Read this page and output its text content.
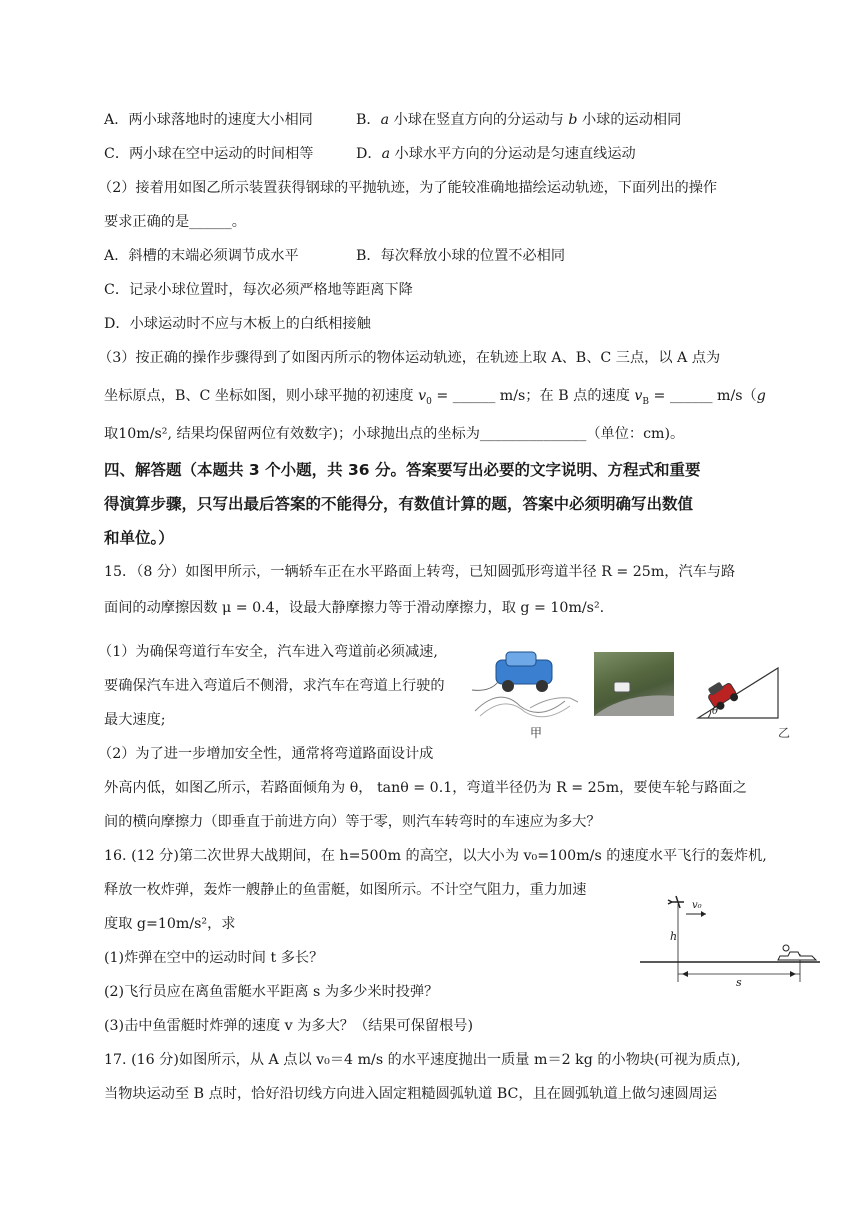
A．两小球落地时的速度大小相同	B．a 小球在竖直方向的分运动与 b 小球的运动相同
C．两小球在空中运动的时间相等	D．a 小球水平方向的分运动是匀速直线运动
（2）接着用如图乙所示装置获得钢球的平抛轨迹，为了能较准确地描绘运动轨迹，下面列出的操作
要求正确的是______。
A．斜槽的末端必须调节成水平	B．每次释放小球的位置不必相同
C．记录小球位置时，每次必须严格地等距离下降
D．小球运动时不应与木板上的白纸相接触
（3）按正确的操作步骤得到了如图丙所示的物体运动轨迹，在轨迹上取 A、B、C 三点，以 A 点为
坐标原点，B、C 坐标如图，则小球平抛的初速度 $v_0$ = ______ m/s；在 B 点的速度 $v_B$ = ______ m/s（g
取10m/s², 结果均保留两位有效数字)；小球抛出点的坐标为_______________（单位：cm)。
四、解答题（本题共 3 个小题，共 36 分。答案要写出必要的文字说明、方程式和重要
得演算步骤，只写出最后答案的不能得分，有数值计算的题，答案中必须明确写出数值
和单位。）
15．（8 分）如图甲所示，一辆轿车正在水平路面上转弯，已知圆弧形弯道半径 R = 25m，汽车与路
面间的动摩擦因数 μ = 0.4，设最大静摩擦力等于滑动摩擦力，取 g = 10m/s².
（1）为确保弯道行车安全，汽车进入弯道前必须减速,
要确保汽车进入弯道后不侧滑，求汽车在弯道上行驶的
最大速度;
（2）为了进一步增加安全性，通常将弯道路面设计成
外高内低，如图乙所示，若路面倾角为 θ， tanθ = 0.1，弯道半径仍为 R = 25m，要使车轮与路面之
间的横向摩擦力（即垂直于前进方向）等于零，则汽车转弯时的车速应为多大？
θ
甲	乙
16. (12 分)第二次世界大战期间，在 h=500m 的高空，以大小为 v₀=100m/s 的速度水平飞行的轰炸机,
释放一枚炸弹，轰炸一艘静止的鱼雷艇，如图所示。不计空气阻力，重力加速
度取 g=10m/s²，求
(1)炸弹在空中的运动时间 t 多长？
(2)飞行员应在离鱼雷艇水平距离 s 为多少米时投弹？
(3)击中鱼雷艇时炸弹的速度 v 为多大？（结果可保留根号)
v₀
h
s
17. (16 分)如图所示，从 A 点以 v₀＝4 m/s 的水平速度抛出一质量 m＝2 kg 的小物块(可视为质点),
当物块运动至 B 点时，恰好沿切线方向进入固定粗糙圆弧轨道 BC，且在圆弧轨道上做匀速圆周运
